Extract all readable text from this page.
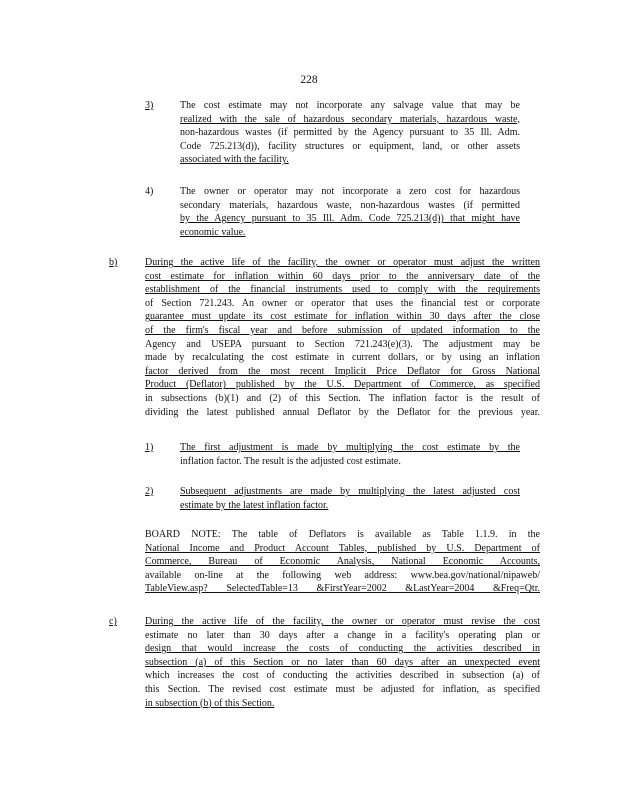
228
3)	The cost estimate may not incorporate any salvage value that may be
realized with the sale of hazardous secondary materials, hazardous waste,
non-hazardous wastes (if permitted by the Agency pursuant to 35 Ill. Adm.
Code 725.213(d)), facility structures or equipment, land, or other assets
associated with the facility.
4)	The owner or operator may not incorporate a zero cost for hazardous
secondary materials, hazardous waste, non-hazardous wastes (if permitted
by the Agency pursuant to 35 Ill. Adm. Code 725.213(d)) that might have
economic value.
b)	During the active life of the facility, the owner or operator must adjust the written
cost estimate for inflation within 60 days prior to the anniversary date of the
establishment of the financial instruments used to comply with the requirements
of Section 721.243. An owner or operator that uses the financial test or corporate
guarantee must update its cost estimate for inflation within 30 days after the close
of the firm's fiscal year and before submission of updated information to the
Agency and USEPA pursuant to Section 721.243(e)(3). The adjustment may be
made by recalculating the cost estimate in current dollars, or by using an inflation
factor derived from the most recent Implicit Price Deflator for Gross National
Product (Deflator) published by the U.S. Department of Commerce, as specified
in subsections (b)(1) and (2) of this Section. The inflation factor is the result of
dividing the latest published annual Deflator by the Deflator for the previous year.
1)	The first adjustment is made by multiplying the cost estimate by the
inflation factor. The result is the adjusted cost estimate.
2)	Subsequent adjustments are made by multiplying the latest adjusted cost
estimate by the latest inflation factor.
BOARD NOTE: The table of Deflators is available as Table 1.1.9. in the
National Income and Product Account Tables, published by U.S. Department of
Commerce, Bureau of Economic Analysis, National Economic Accounts,
available on-line at the following web address: www.bea.gov/national/nipaweb/
TableView.asp? SelectedTable=13 &FirstYear=2002 &LastYear=2004 &Freq=Qtr.
c)	During the active life of the facility, the owner or operator must revise the cost
estimate no later than 30 days after a change in a facility's operating plan or
design that would increase the costs of conducting the activities described in
subsection (a) of this Section or no later than 60 days after an unexpected event
which increases the cost of conducting the activities described in subsection (a) of
this Section. The revised cost estimate must be adjusted for inflation, as specified
in subsection (b) of this Section.
